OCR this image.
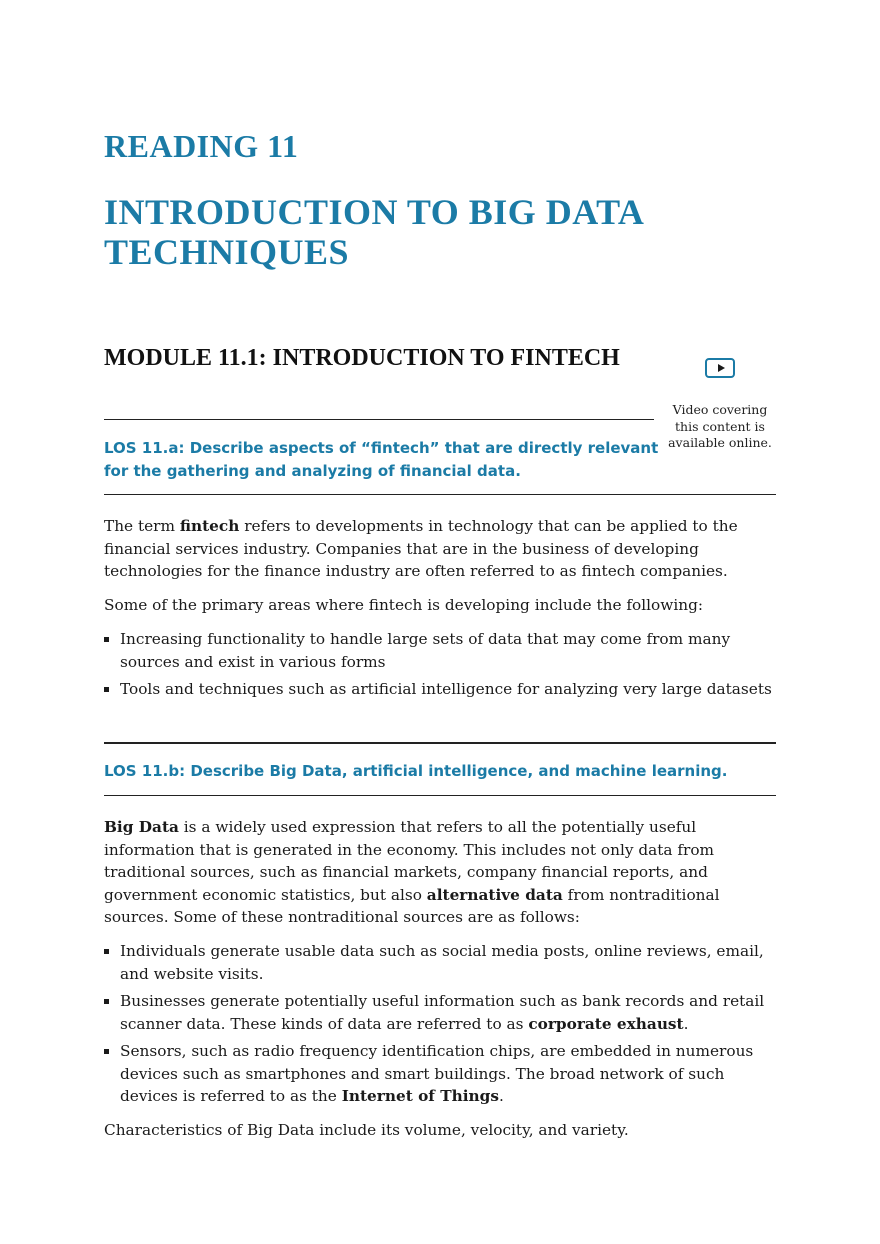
READING 11
INTRODUCTION TO BIG DATA TECHNIQUES
MODULE 11.1: INTRODUCTION TO FINTECH
Video covering this content is available online.

LOS 11.a: Describe aspects of “fintech” that are directly relevant for the gathering and analyzing of financial data.

The term fintech refers to developments in technology that can be applied to the financial services industry. Companies that are in the business of developing technologies for the finance industry are often referred to as fintech companies.

Some of the primary areas where fintech is developing include the following:

Increasing functionality to handle large sets of data that may come from many sources and exist in various forms
Tools and techniques such as artificial intelligence for analyzing very large datasets

LOS 11.b: Describe Big Data, artificial intelligence, and machine learning.

Big Data is a widely used expression that refers to all the potentially useful information that is generated in the economy. This includes not only data from traditional sources, such as financial markets, company financial reports, and government economic statistics, but also alternative data from nontraditional sources. Some of these nontraditional sources are as follows:

Individuals generate usable data such as social media posts, online reviews, email, and website visits.
Businesses generate potentially useful information such as bank records and retail scanner data. These kinds of data are referred to as corporate exhaust.
Sensors, such as radio frequency identification chips, are embedded in numerous devices such as smartphones and smart buildings. The broad network of such devices is referred to as the Internet of Things.

Characteristics of Big Data include its volume, velocity, and variety.
